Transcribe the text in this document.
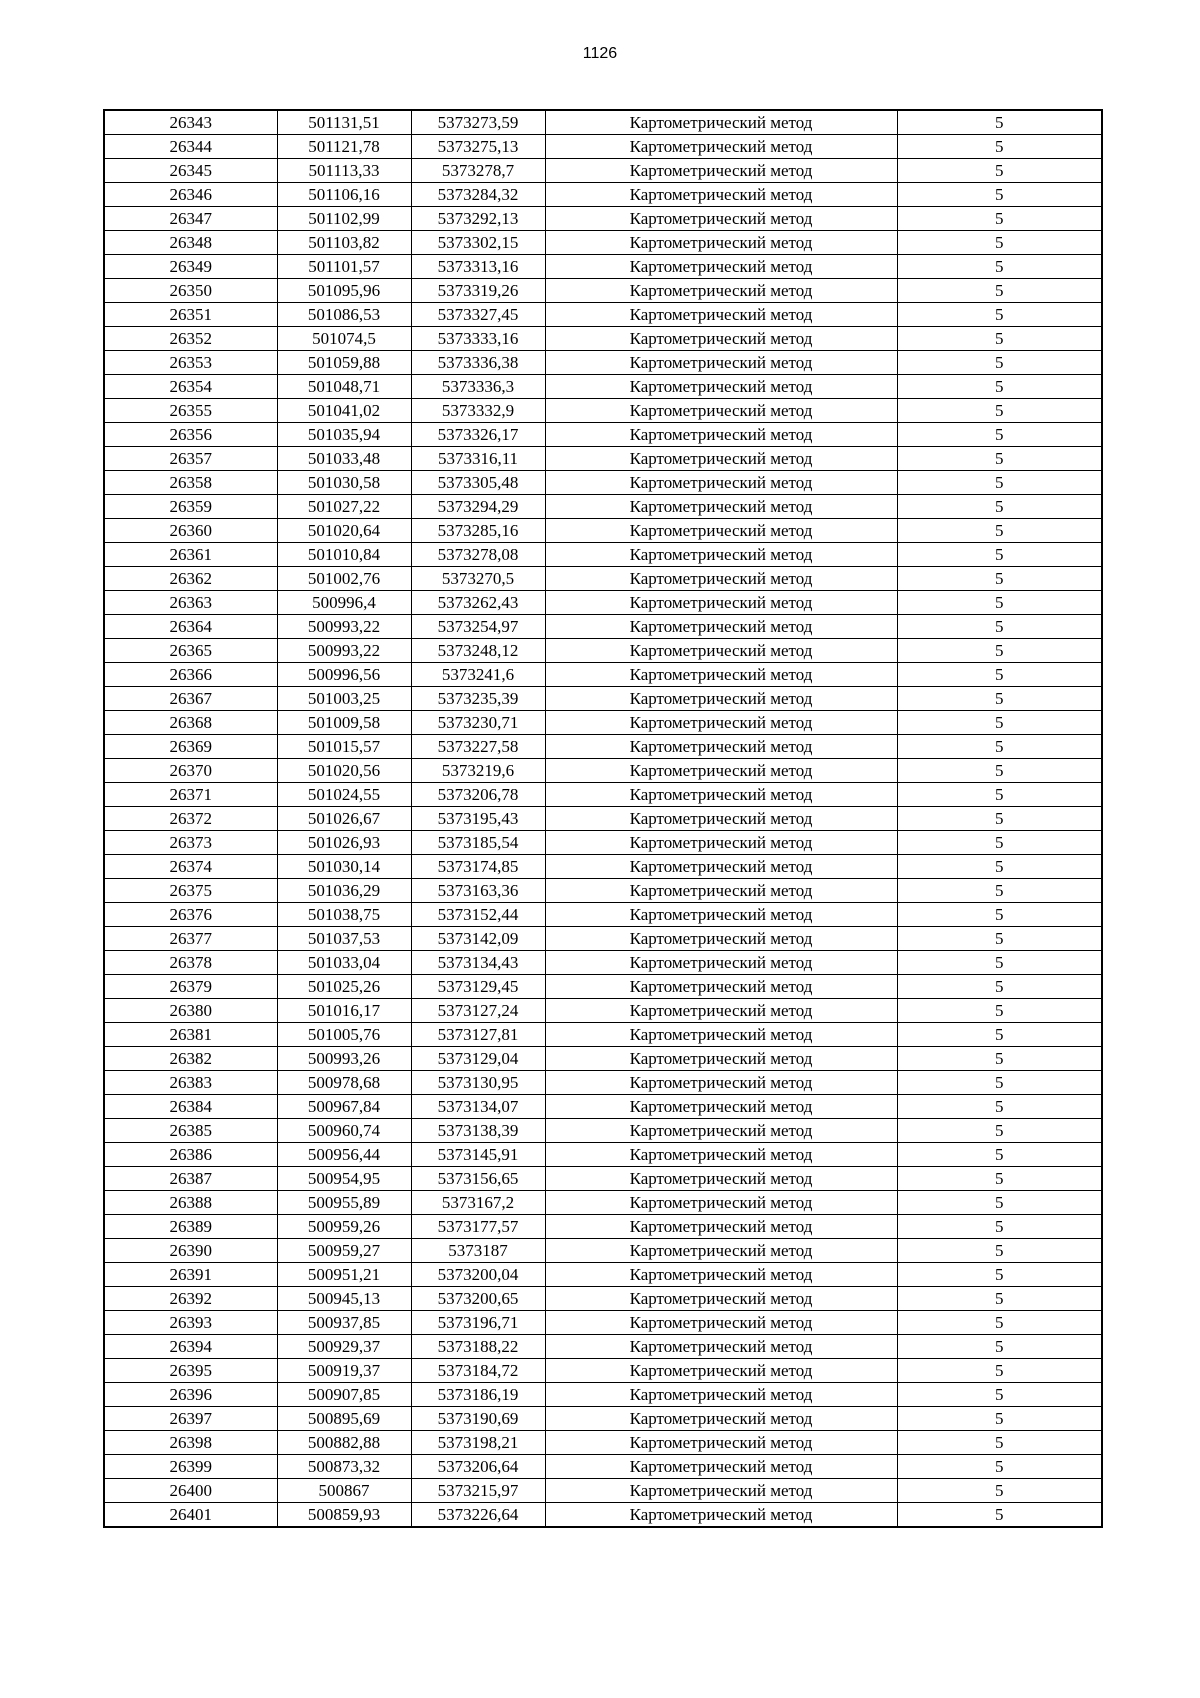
1126
26343	501131,51	5373273,59	Картометрический метод	5
26344	501121,78	5373275,13	Картометрический метод	5
26345	501113,33	5373278,7	Картометрический метод	5
26346	501106,16	5373284,32	Картометрический метод	5
26347	501102,99	5373292,13	Картометрический метод	5
26348	501103,82	5373302,15	Картометрический метод	5
26349	501101,57	5373313,16	Картометрический метод	5
26350	501095,96	5373319,26	Картометрический метод	5
26351	501086,53	5373327,45	Картометрический метод	5
26352	501074,5	5373333,16	Картометрический метод	5
26353	501059,88	5373336,38	Картометрический метод	5
26354	501048,71	5373336,3	Картометрический метод	5
26355	501041,02	5373332,9	Картометрический метод	5
26356	501035,94	5373326,17	Картометрический метод	5
26357	501033,48	5373316,11	Картометрический метод	5
26358	501030,58	5373305,48	Картометрический метод	5
26359	501027,22	5373294,29	Картометрический метод	5
26360	501020,64	5373285,16	Картометрический метод	5
26361	501010,84	5373278,08	Картометрический метод	5
26362	501002,76	5373270,5	Картометрический метод	5
26363	500996,4	5373262,43	Картометрический метод	5
26364	500993,22	5373254,97	Картометрический метод	5
26365	500993,22	5373248,12	Картометрический метод	5
26366	500996,56	5373241,6	Картометрический метод	5
26367	501003,25	5373235,39	Картометрический метод	5
26368	501009,58	5373230,71	Картометрический метод	5
26369	501015,57	5373227,58	Картометрический метод	5
26370	501020,56	5373219,6	Картометрический метод	5
26371	501024,55	5373206,78	Картометрический метод	5
26372	501026,67	5373195,43	Картометрический метод	5
26373	501026,93	5373185,54	Картометрический метод	5
26374	501030,14	5373174,85	Картометрический метод	5
26375	501036,29	5373163,36	Картометрический метод	5
26376	501038,75	5373152,44	Картометрический метод	5
26377	501037,53	5373142,09	Картометрический метод	5
26378	501033,04	5373134,43	Картометрический метод	5
26379	501025,26	5373129,45	Картометрический метод	5
26380	501016,17	5373127,24	Картометрический метод	5
26381	501005,76	5373127,81	Картометрический метод	5
26382	500993,26	5373129,04	Картометрический метод	5
26383	500978,68	5373130,95	Картометрический метод	5
26384	500967,84	5373134,07	Картометрический метод	5
26385	500960,74	5373138,39	Картометрический метод	5
26386	500956,44	5373145,91	Картометрический метод	5
26387	500954,95	5373156,65	Картометрический метод	5
26388	500955,89	5373167,2	Картометрический метод	5
26389	500959,26	5373177,57	Картометрический метод	5
26390	500959,27	5373187	Картометрический метод	5
26391	500951,21	5373200,04	Картометрический метод	5
26392	500945,13	5373200,65	Картометрический метод	5
26393	500937,85	5373196,71	Картометрический метод	5
26394	500929,37	5373188,22	Картометрический метод	5
26395	500919,37	5373184,72	Картометрический метод	5
26396	500907,85	5373186,19	Картометрический метод	5
26397	500895,69	5373190,69	Картометрический метод	5
26398	500882,88	5373198,21	Картометрический метод	5
26399	500873,32	5373206,64	Картометрический метод	5
26400	500867	5373215,97	Картометрический метод	5
26401	500859,93	5373226,64	Картометрический метод	5
